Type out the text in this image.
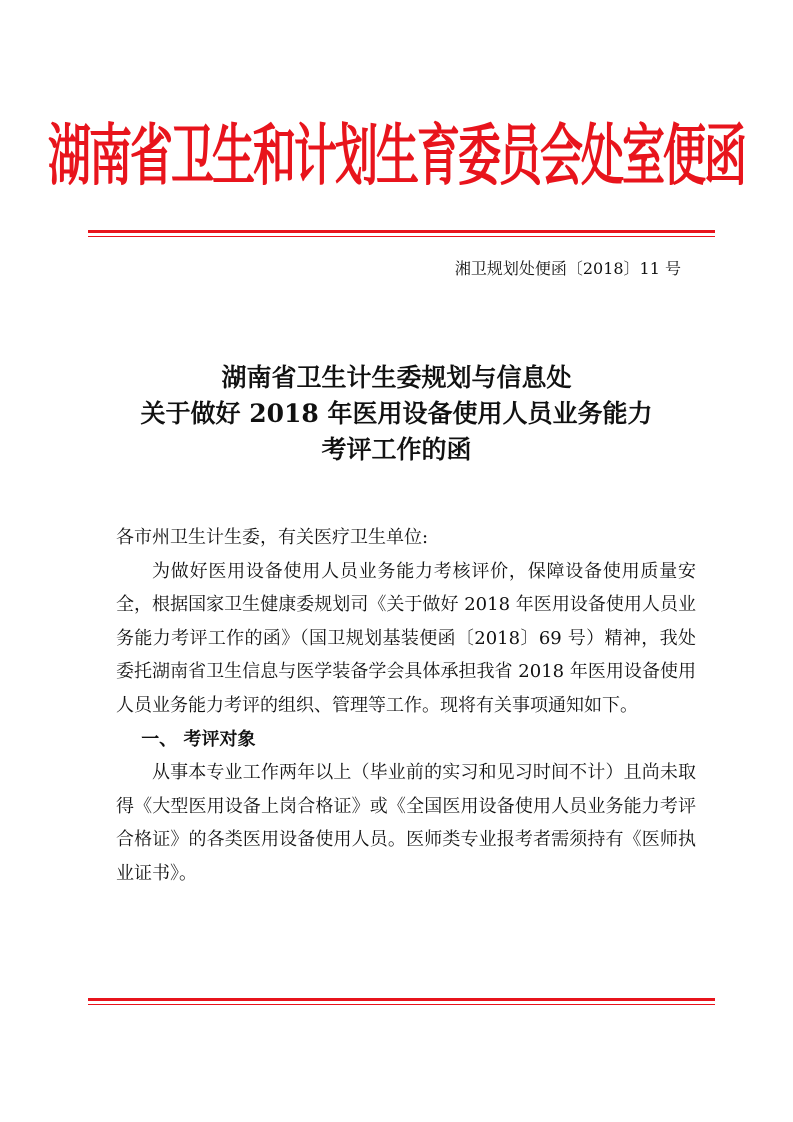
湖南省卫生和计划生育委员会处室便函
湘卫规划处便函〔2018〕11 号
湖南省卫生计生委规划与信息处
关于做好 2018 年医用设备使用人员业务能力
考评工作的函

各市州卫生计生委，有关医疗卫生单位:

为做好医用设备使用人员业务能力考核评价，保障设备使用质量安全，根据国家卫生健康委规划司《关于做好 2018 年医用设备使用人员业务能力考评工作的函》（国卫规划基装便函〔2018〕69 号）精神，我处委托湖南省卫生信息与医学装备学会具体承担我省 2018 年医用设备使用人员业务能力考评的组织、管理等工作。现将有关事项通知如下。

一、 考评对象

从事本专业工作两年以上（毕业前的实习和见习时间不计）且尚未取得《大型医用设备上岗合格证》或《全国医用设备使用人员业务能力考评合格证》的各类医用设备使用人员。医师类专业报考者需须持有《医师执业证书》。
